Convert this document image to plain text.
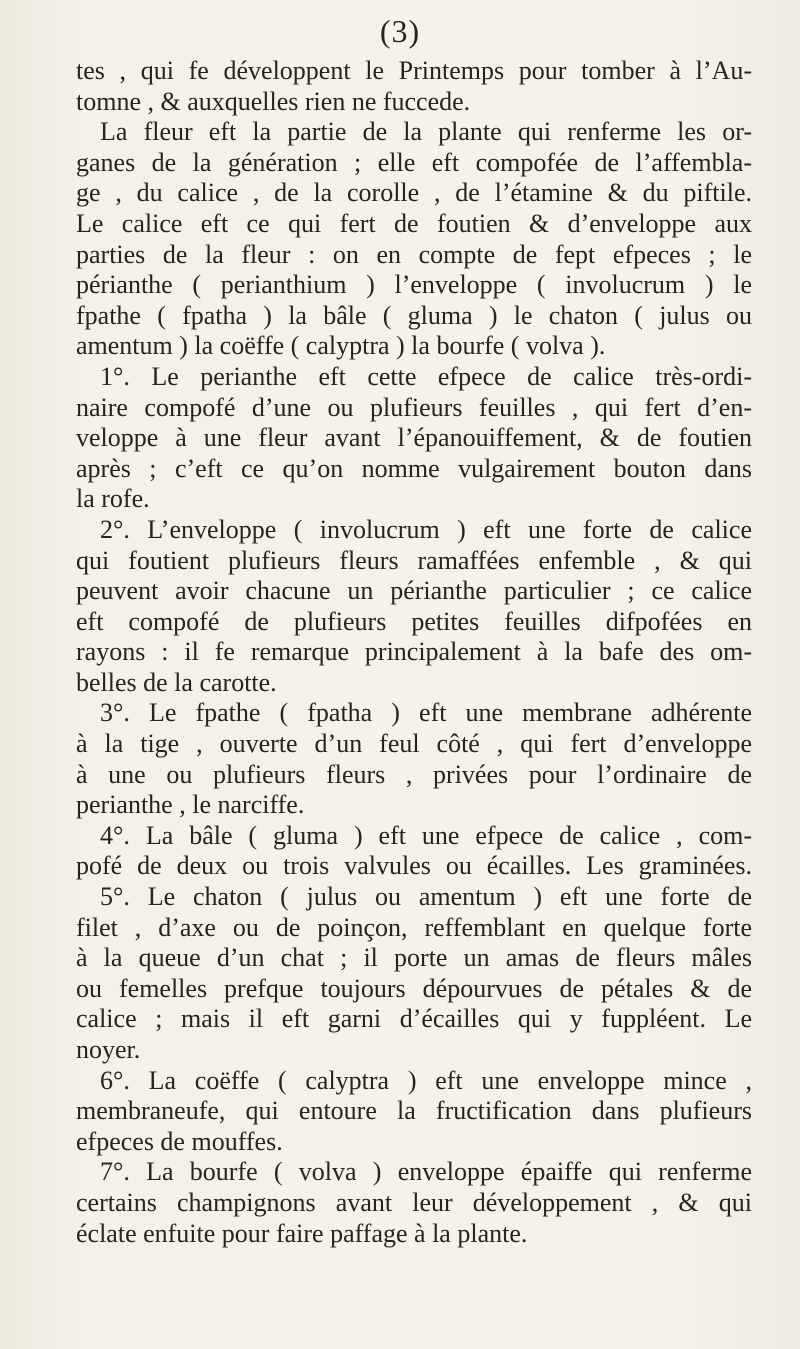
(3)
tes , qui fe développent le Printemps pour tomber à l’Au-
tomne , & auxquelles rien ne fuccede.
La fleur eft la partie de la plante qui renferme les or-
ganes de la génération ; elle eft compofée de l’affembla-
ge , du calice , de la corolle , de l’étamine & du piftile.
Le calice eft ce qui fert de foutien & d’enveloppe aux
parties de la fleur : on en compte de fept efpeces ; le
périanthe ( perianthium ) l’enveloppe ( involucrum ) le
fpathe ( fpatha ) la bâle ( gluma ) le chaton ( julus ou
amentum ) la coëffe ( calyptra ) la bourfe ( volva ).
1°. Le perianthe eft cette efpece de calice très-ordi-
naire compofé d’une ou plufieurs feuilles , qui fert d’en-
veloppe à une fleur avant l’épanouiffement, & de foutien
après ; c’eft ce qu’on nomme vulgairement bouton dans
la rofe.
2°. L’enveloppe ( involucrum ) eft une forte de calice
qui foutient plufieurs fleurs ramaffées enfemble , & qui
peuvent avoir chacune un périanthe particulier ; ce calice
eft compofé de plufieurs petites feuilles difpofées en
rayons : il fe remarque principalement à la bafe des om-
belles de la carotte.
3°. Le fpathe ( fpatha ) eft une membrane adhérente
à la tige , ouverte d’un feul côté , qui fert d’enveloppe
à une ou plufieurs fleurs , privées pour l’ordinaire de
perianthe , le narciffe.
4°. La bâle ( gluma ) eft une efpece de calice , com-
pofé de deux ou trois valvules ou écailles. Les graminées.
5°. Le chaton ( julus ou amentum ) eft une forte de
filet , d’axe ou de poinçon, reffemblant en quelque forte
à la queue d’un chat ; il porte un amas de fleurs mâles
ou femelles prefque toujours dépourvues de pétales & de
calice ; mais il eft garni d’écailles qui y fuppléent. Le
noyer.
6°. La coëffe ( calyptra ) eft une enveloppe mince ,
membraneufe, qui entoure la fructification dans plufieurs
efpeces de mouffes.
7°. La bourfe ( volva ) enveloppe épaiffe qui renferme
certains champignons avant leur développement , & qui
éclate enfuite pour faire paffage à la plante.
